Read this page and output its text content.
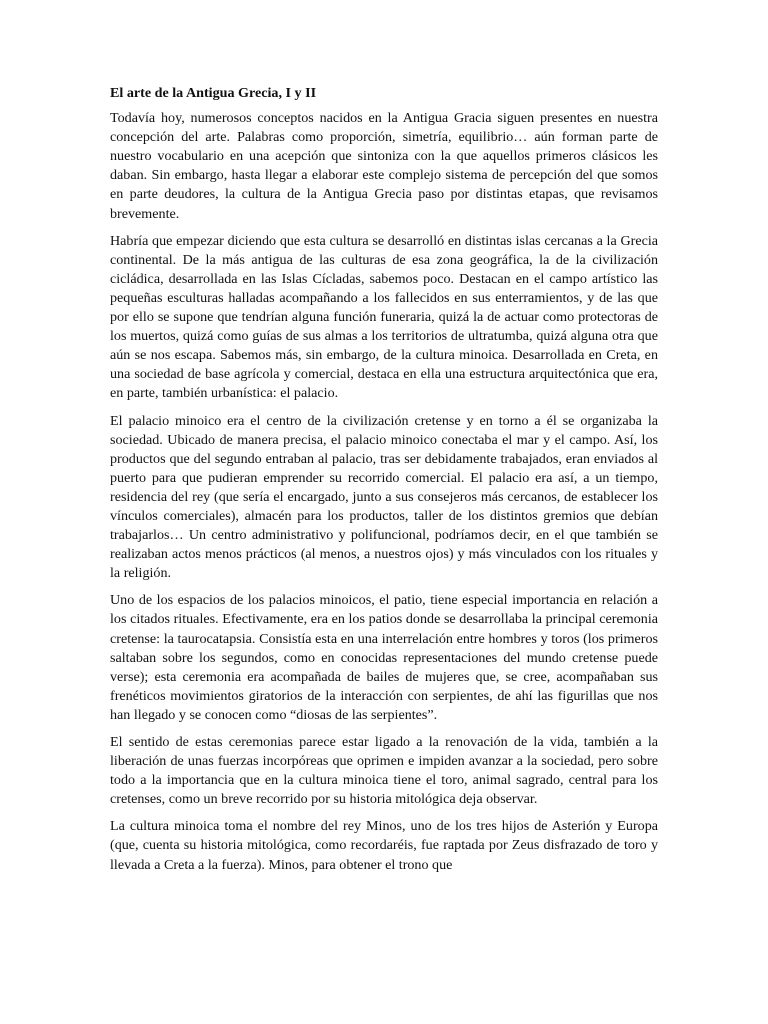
El arte de la Antigua Grecia, I y II

Todavía hoy, numerosos conceptos nacidos en la Antigua Gracia siguen presentes en nuestra concepción del arte. Palabras como proporción, simetría, equilibrio… aún forman parte de nuestro vocabulario en una acepción que sintoniza con la que aquellos primeros clásicos les daban. Sin embargo, hasta llegar a elaborar este complejo sistema de percepción del que somos en parte deudores, la cultura de la Antigua Grecia paso por distintas etapas, que revisamos brevemente.

Habría que empezar diciendo que esta cultura se desarrolló en distintas islas cercanas a la Grecia continental. De la más antigua de las culturas de esa zona geográfica, la de la civilización cicládica, desarrollada en las Islas Cícladas, sabemos poco. Destacan en el campo artístico las pequeñas esculturas halladas acompañando a los fallecidos en sus enterramientos, y de las que por ello se supone que tendrían alguna función funeraria, quizá la de actuar como protectoras de los muertos, quizá como guías de sus almas a los territorios de ultratumba, quizá alguna otra que aún se nos escapa. Sabemos más, sin embargo, de la cultura minoica. Desarrollada en Creta, en una sociedad de base agrícola y comercial, destaca en ella una estructura arquitectónica que era, en parte, también urbanística: el palacio.

El palacio minoico era el centro de la civilización cretense y en torno a él se organizaba la sociedad. Ubicado de manera precisa, el palacio minoico conectaba el mar y el campo. Así, los productos que del segundo entraban al palacio, tras ser debidamente trabajados, eran enviados al puerto para que pudieran emprender su recorrido comercial. El palacio era así, a un tiempo, residencia del rey (que sería el encargado, junto a sus consejeros más cercanos, de establecer los vínculos comerciales), almacén para los productos, taller de los distintos gremios que debían trabajarlos… Un centro administrativo y polifuncional, podríamos decir, en el que también se realizaban actos menos prácticos (al menos, a nuestros ojos) y más vinculados con los rituales y la religión.

Uno de los espacios de los palacios minoicos, el patio, tiene especial importancia en relación a los citados rituales. Efectivamente, era en los patios donde se desarrollaba la principal ceremonia cretense: la taurocatapsia. Consistía esta en una interrelación entre hombres y toros (los primeros saltaban sobre los segundos, como en conocidas representaciones del mundo cretense puede verse); esta ceremonia era acompañada de bailes de mujeres que, se cree, acompañaban sus frenéticos movimientos giratorios de la interacción con serpientes, de ahí las figurillas que nos han llegado y se conocen como “diosas de las serpientes”.

El sentido de estas ceremonias parece estar ligado a la renovación de la vida, también a la liberación de unas fuerzas incorpóreas que oprimen e impiden avanzar a la sociedad, pero sobre todo a la importancia que en la cultura minoica tiene el toro, animal sagrado, central para los cretenses, como un breve recorrido por su historia mitológica deja observar.

La cultura minoica toma el nombre del rey Minos, uno de los tres hijos de Asterión y Europa (que, cuenta su historia mitológica, como recordaréis, fue raptada por Zeus disfrazado de toro y llevada a Creta a la fuerza). Minos, para obtener el trono que
